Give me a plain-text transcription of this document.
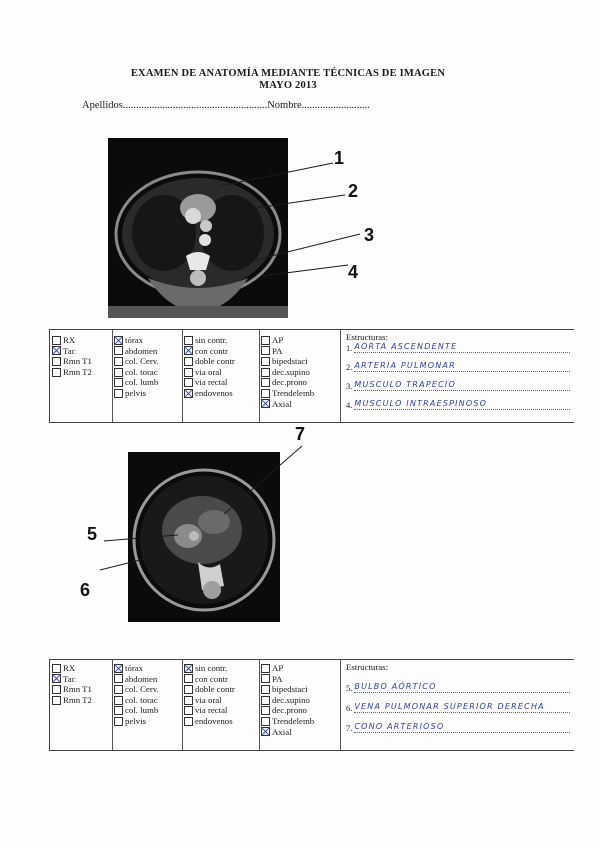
EXAMEN DE ANATOMÍA MEDIANTE TÉCNICAS DE IMAGEN
MAYO 2013
Apellidos.......................................................Nombre..........................
1
2
3
4
7
5
6
RX
Tac
Rmn T1
Rmn T2
tórax
abdomen
col. Cerv.
col. torac
col. lumb
pelvis
sin contr.
con contr
doble contr
via oral
via rectal
endovenos
AP
PA
bipedstaci
dec.supino
dec.prono
Trendelemb
Axial
Estructuras:
1. AORTA ASCENDENTE
2. ARTERIA PULMONAR
3. MUSCULO TRAPECIO
4. MUSCULO INTRAESPINOSO
RX
Tac
Rmn T1
Rmn T2
tórax
abdomen
col. Cerv.
col. torac
col. lumb
pelvis
sin contr.
con contr
doble contr
via oral
via rectal
endovenos
AP
PA
bipedstaci
dec.supino
dec.prono
Trendelemb
Axial
Estructuras:
5. BULBO AÓRTICO
6. VENA PULMONAR SUPERIOR DERECHA
7. CONO ARTERIOSO
